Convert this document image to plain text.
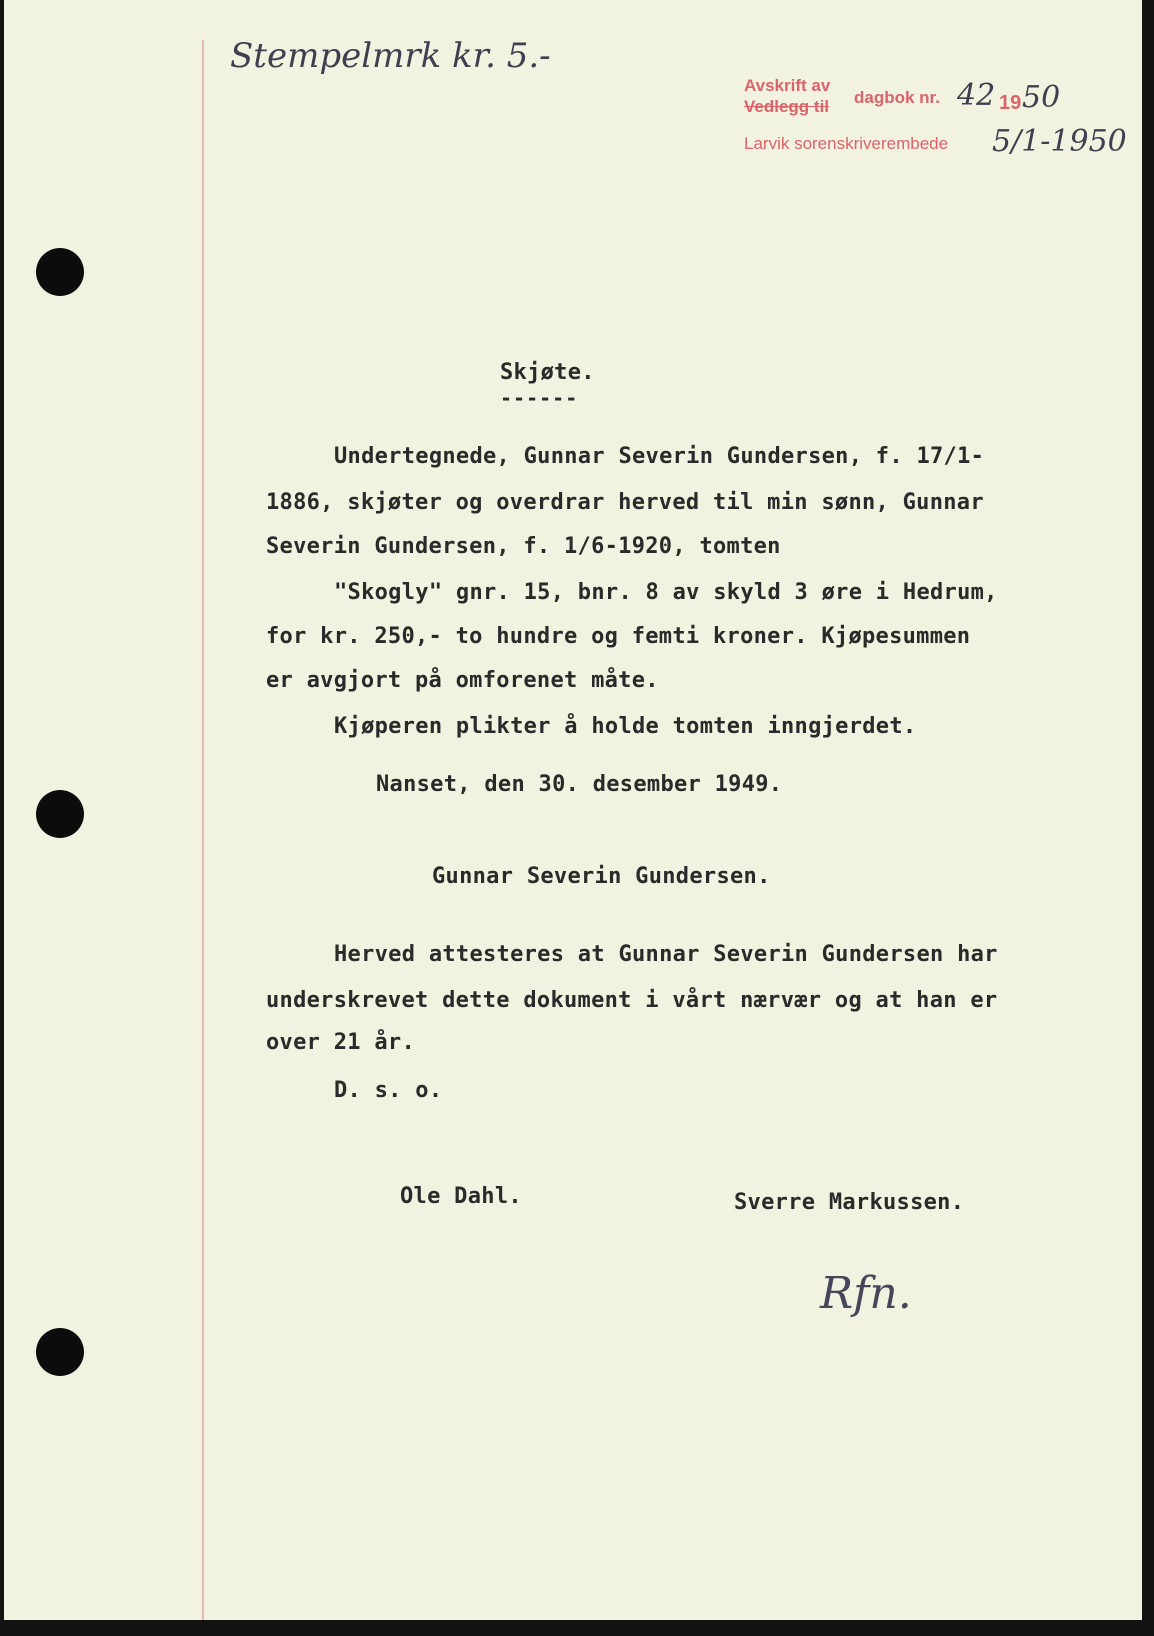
Stempelmrk kr. 5.-
Avskrift av
Vedlegg til dagbok nr. 42 19 50
Larvik sorenskriverembede 5/1-1950
Skjøte.
------
Undertegnede, Gunnar Severin Gundersen, f. 17/1-
1886, skjøter og overdrar herved til min sønn, Gunnar
Severin Gundersen, f. 1/6-1920, tomten
"Skogly" gnr. 15, bnr. 8 av skyld 3 øre i Hedrum,
for kr. 250,- to hundre og femti kroner. Kjøpesummen
er avgjort på omforenet måte.
Kjøperen plikter å holde tomten inngjerdet.
Nanset, den 30. desember 1949.
Gunnar Severin Gundersen.
Herved attesteres at Gunnar Severin Gundersen har
underskrevet dette dokument i vårt nærvær og at han er
over 21 år.
D. s. o.
Ole Dahl.	Sverre Markussen.
Rfn.
